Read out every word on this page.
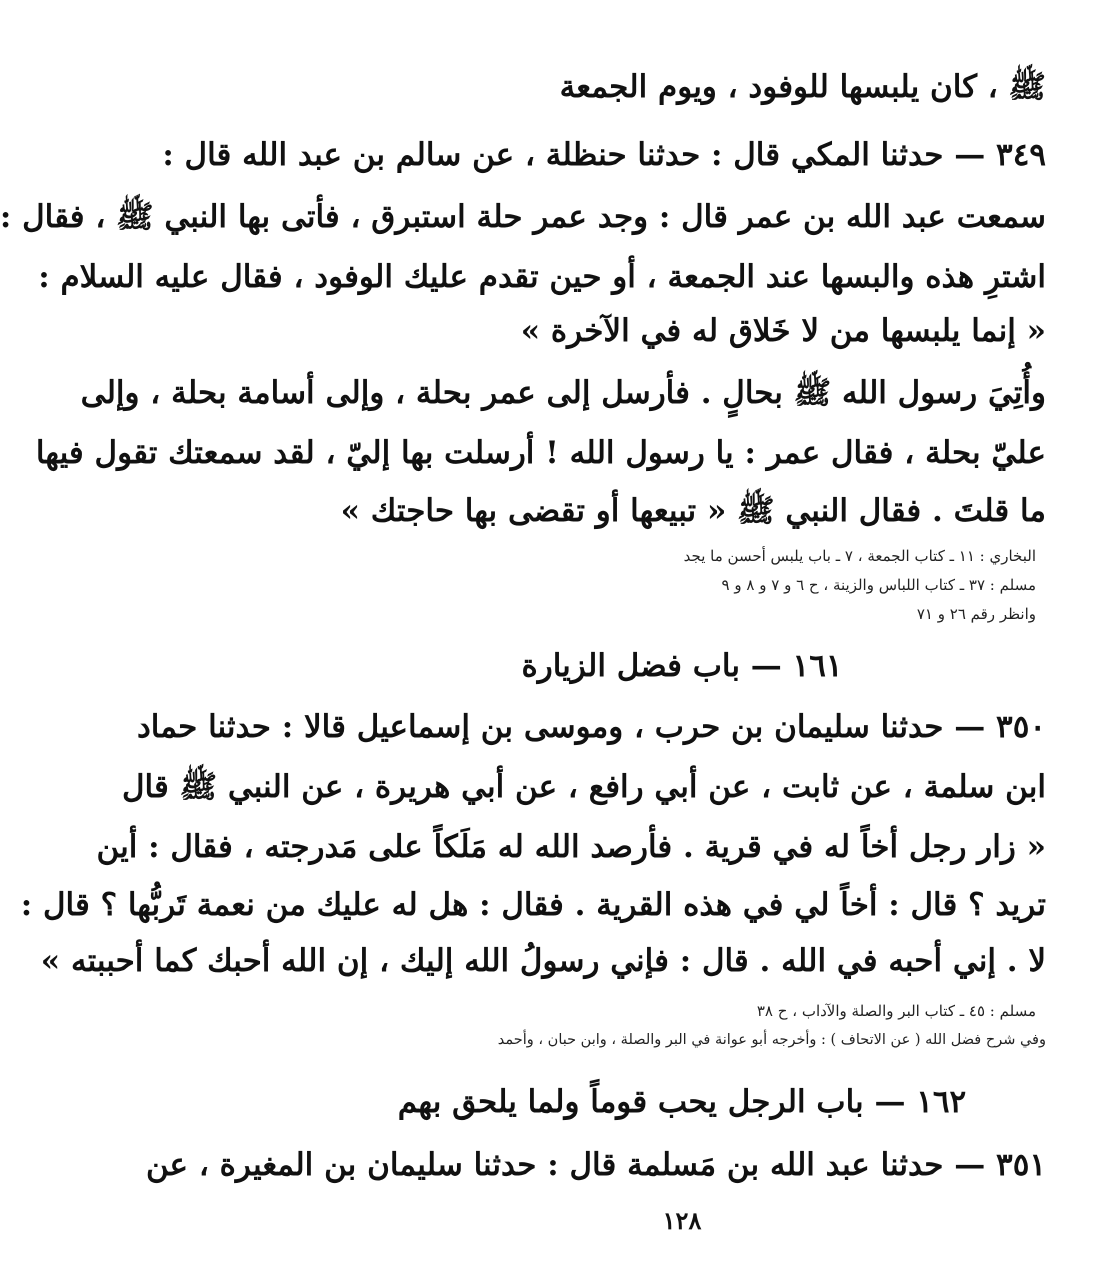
ﷺ ، كان يلبسها للوفود ، ويوم الجمعة
٣٤٩ — حدثنا المكي قال : حدثنا حنظلة ، عن سالم بن عبد الله قال :
سمعت عبد الله بن عمر قال : وجد عمر حلة استبرق ، فأتى بها النبي ﷺ ، فقال :
اشترِ هذه والبسها عند الجمعة ، أو حين تقدم عليك الوفود ، فقال عليه السلام :
« إنما يلبسها من لا خَلاق له في الآخرة »
وأُتِيَ رسول الله ﷺ بحالٍ . فأرسل إلى عمر بحلة ، وإلى أسامة بحلة ، وإلى
عليّ بحلة ، فقال عمر : يا رسول الله ! أرسلت بها إليّ ، لقد سمعتك تقول فيها
ما قلتَ . فقال النبي ﷺ « تبيعها أو تقضى بها حاجتك »
البخاري : ١١ ـ كتاب الجمعة ، ٧ ـ باب يلبس أحسن ما يجد
مسلم : ٣٧ ـ كتاب اللباس والزينة ، ح ٦ و ٧ و ٨ و ٩
وانظر رقم ٢٦ و ٧١
١٦١ — باب فضل الزيارة
٣٥٠ — حدثنا سليمان بن حرب ، وموسى بن إسماعيل قالا : حدثنا حماد
ابن سلمة ، عن ثابت ، عن أبي رافع ، عن أبي هريرة ، عن النبي ﷺ قال
« زار رجل أخاً له في قرية . فأرصد الله له مَلَكاً على مَدرجته ، فقال : أين
تريد ؟ قال : أخاً لي في هذه القرية . فقال : هل له عليك من نعمة تَربُّها ؟ قال :
لا . إني أحبه في الله . قال : فإني رسولُ الله إليك ، إن الله أحبك كما أحببته »
مسلم : ٤٥ ـ كتاب البر والصلة والآداب ، ح ٣٨
وفي شرح فضل الله ( عن الاتحاف ) : وأخرجه أبو عوانة في البر والصلة ، وابن حبان ، وأحمد
١٦٢ — باب الرجل يحب قوماً ولما يلحق بهم
٣٥١ — حدثنا عبد الله بن مَسلمة قال : حدثنا سليمان بن المغيرة ، عن
١٢٨
